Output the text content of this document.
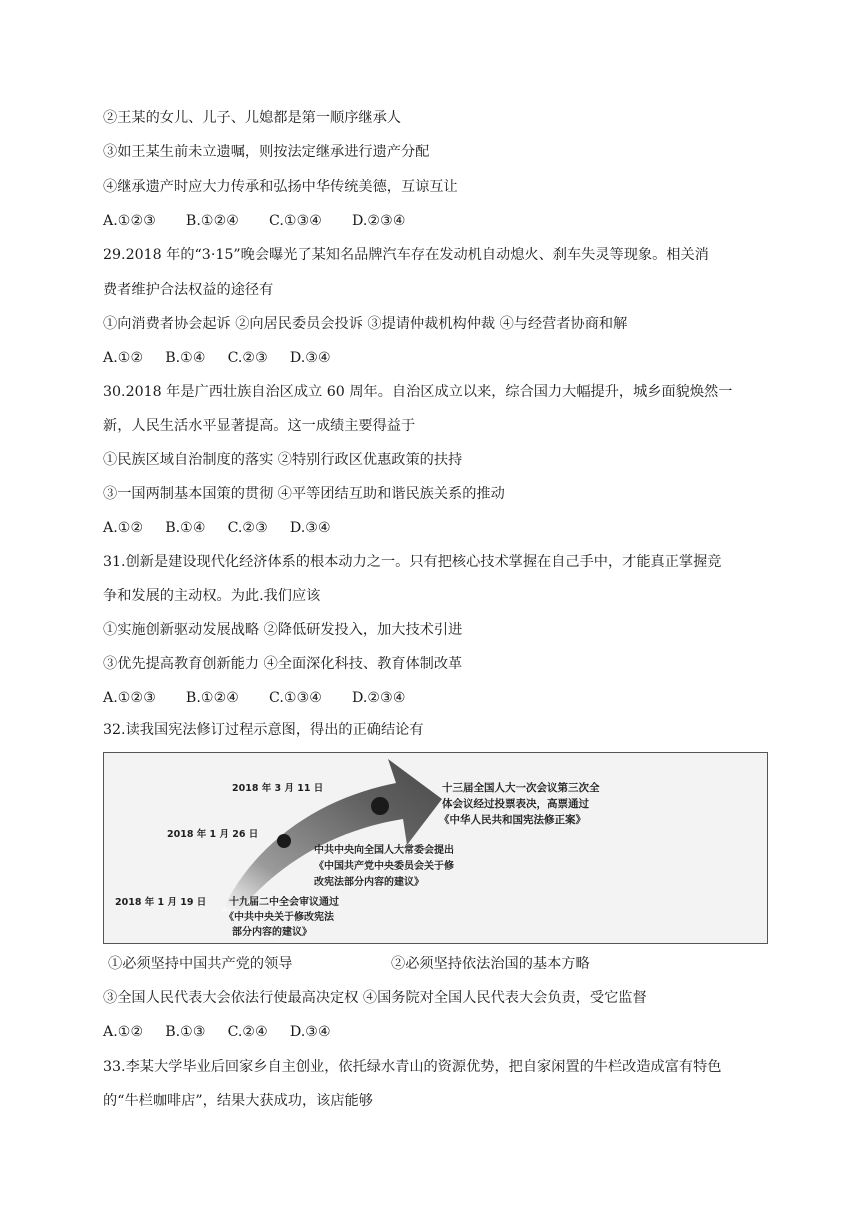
②王某的女儿、儿子、儿媳都是第一顺序继承人
③如王某生前未立遗嘱，则按法定继承进行遗产分配
④继承遗产时应大力传承和弘扬中华传统美德，互谅互让
A.①②③ B.①②④ C.①③④ D.②③④
29.2018 年的“3·15”晚会曝光了某知名品牌汽车存在发动机自动熄火、刹车失灵等现象。相关消
费者维护合法权益的途径有
①向消费者协会起诉 ②向居民委员会投诉 ③提请仲裁机构仲裁 ④与经营者协商和解
A.①② B.①④ C.②③ D.③④
30.2018 年是广西壮族自治区成立 60 周年。自治区成立以来，综合国力大幅提升，城乡面貌焕然一
新，人民生活水平显著提高。这一成绩主要得益于
①民族区域自治制度的落实 ②特别行政区优惠政策的扶持
③一国两制基本国策的贯彻 ④平等团结互助和谐民族关系的推动
A.①② B.①④ C.②③ D.③④
31.创新是建设现代化经济体系的根本动力之一。只有把核心技术掌握在自己手中，才能真正掌握竞
争和发展的主动权。为此.我们应该
①实施创新驱动发展战略 ②降低研发投入，加大技术引进
③优先提高教育创新能力 ④全面深化科技、教育体制改革
A.①②③ B.①②④ C.①③④ D.②③④
32.读我国宪法修订过程示意图，得出的正确结论有
2018 年 3 月 11 日
2018 年 1 月 26 日
2018 年 1 月 19 日
十三届全国人大一次会议第三次全
体会议经过投票表决，高票通过
《中华人民共和国宪法修正案》
中共中央向全国人大常委会提出
《中国共产党中央委员会关于修
改宪法部分内容的建议》
十九届二中全会审议通过
《中共中央关于修改宪法
部分内容的建议》
①必须坚持中国共产党的领导	②必须坚持依法治国的基本方略
③全国人民代表大会依法行使最高决定权 ④国务院对全国人民代表大会负责，受它监督
A.①② B.①③ C.②④ D.③④
33.李某大学毕业后回家乡自主创业，依托绿水青山的资源优势，把自家闲置的牛栏改造成富有特色
的“牛栏咖啡店”，结果大获成功，该店能够
